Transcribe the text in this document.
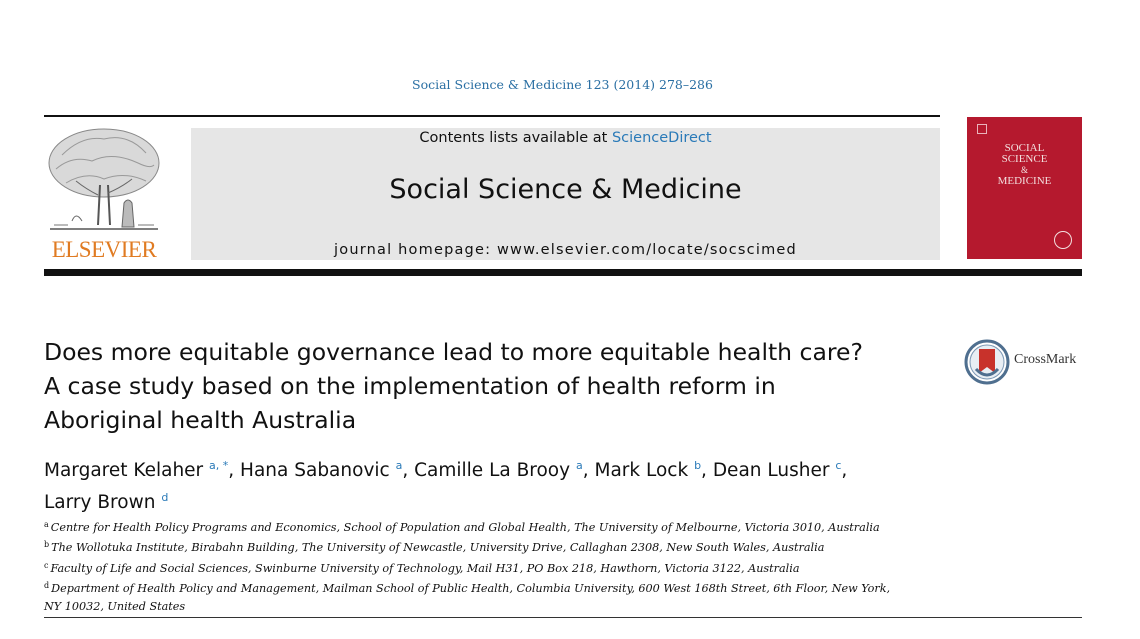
Social Science & Medicine 123 (2014) 278–286
ELSEVIER
Contents lists available at ScienceDirect
Social Science & Medicine
journal homepage: www.elsevier.com/locate/socscimed
SOCIAL
SCIENCE
&
MEDICINE
Does more equitable governance lead to more equitable health care?
A case study based on the implementation of health reform in
Aboriginal health Australia
CrossMark
Margaret Kelaher $^{a, *}$, Hana Sabanovic $^a$, Camille La Brooy $^a$, Mark Lock $^b$, Dean Lusher $^c$,
Larry Brown $^d$
$^a$ Centre for Health Policy Programs and Economics, School of Population and Global Health, The University of Melbourne, Victoria 3010, Australia
$^b$ The Wollotuka Institute, Birabahn Building, The University of Newcastle, University Drive, Callaghan 2308, New South Wales, Australia
$^c$ Faculty of Life and Social Sciences, Swinburne University of Technology, Mail H31, PO Box 218, Hawthorn, Victoria 3122, Australia
$^d$ Department of Health Policy and Management, Mailman School of Public Health, Columbia University, 600 West 168th Street, 6th Floor, New York,
NY 10032, United States
